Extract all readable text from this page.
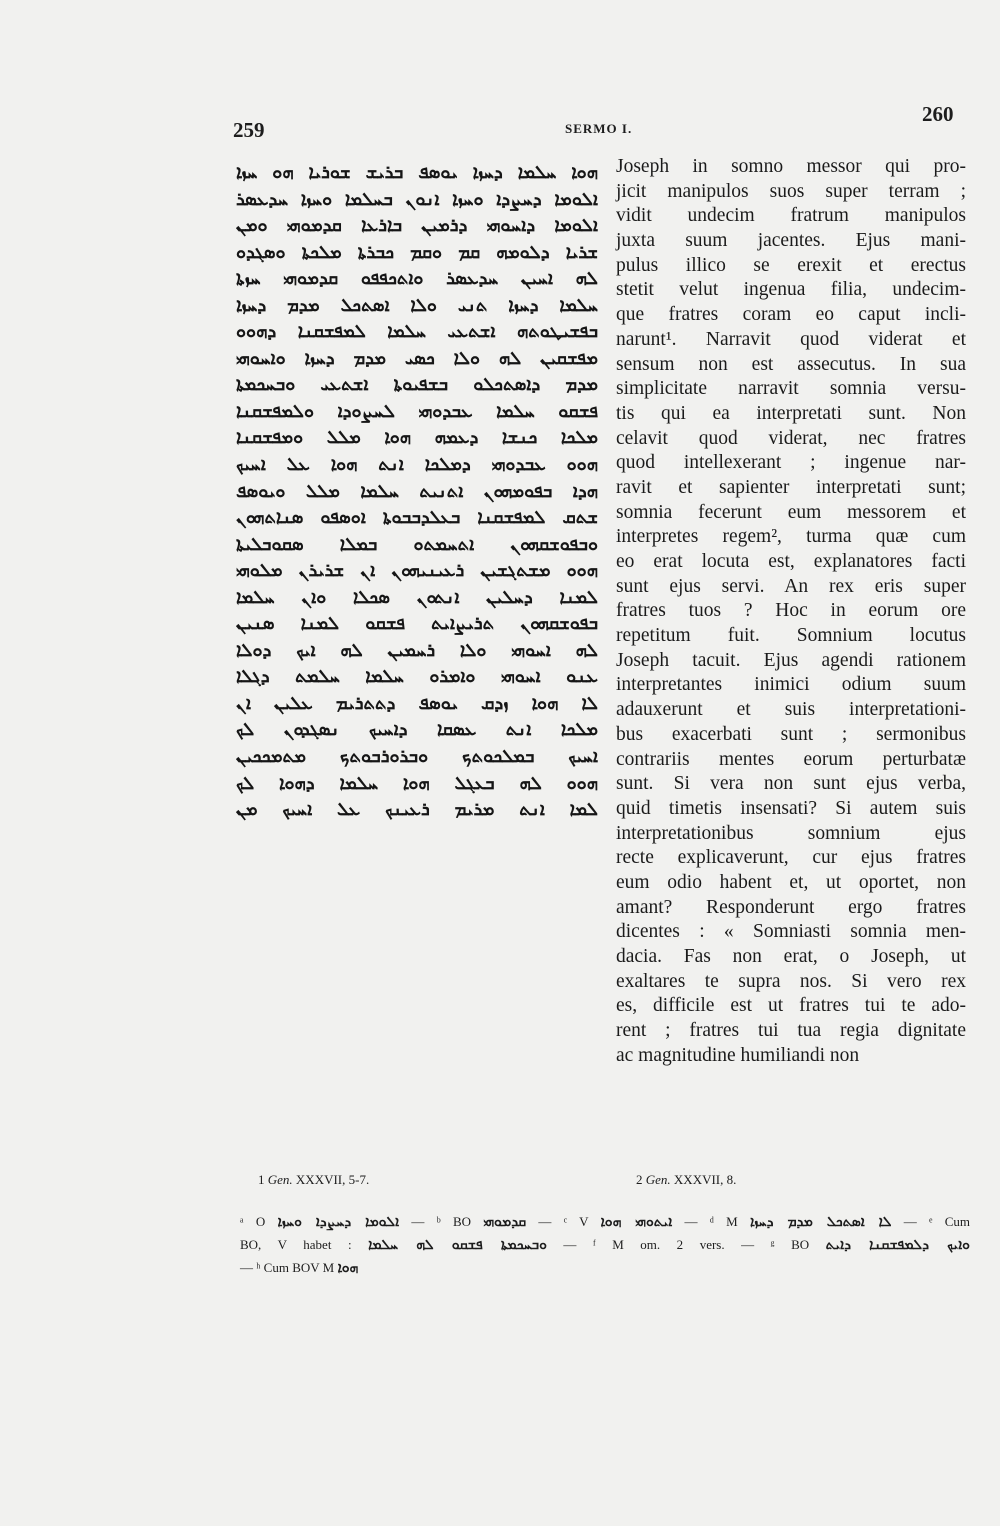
259	SERMO I.
260
ܗܘܐ ܚܠܡܐ ܕܚܙܐ ܝܘܣܦ ܒܪܝܫ ܫܘܪܝܐ ܗܘ ܚܙܐ
ܐܠܘܡܐ ܕܚܨܕܐ ܘܚܙܐ ܐܢܘܢ ܒܚܠܡܐ ܘܚܙܐ ܚܕܥܣܪ
ܐܠܘܡܐ ܕܐܚܘܗܝ ܕܪܡܝܢ ܒܐܪܥܐ ܩܕܡܘܗܝ ܘܡܢ
ܫܪܝܐ ܕܠܘܡܗ ܩܡ ܘܩܡ ܟܒܪܬܐ ܡܠܟܬܐ ܘܣܓܕܘ
ܠܗ ܐܚܝܢ ܚܕܥܣܪ ܘܐܬܟܦܦܘ ܩܕܡܘܗܝ ܚܙܬܐ
ܚܠܡܐ ܕܚܙܐ ܬܢܝ ܘܠܐ ܐܣܬܟܠ ܡܕܡ ܕܚܙܐ
ܒܦܫܝܛܘܬܗ ܐܫܬܥܝ ܚܠܡܐ ܠܡܦܫܩܢܐ ܕܗܘܘ
ܡܦܫܩܝܢ ܠܗ ܘܠܐ ܟܣܝ ܡܕܡ ܕܚܙܐ ܘܐܚܘܗܝ
ܡܕܡ ܕܐܣܬܟܠܘ ܒܫܦܝܘܬܐ ܐܫܬܥܝ ܘܒܚܟܡܬܐ
ܦܫܩܘ ܚܠܡܐ ܥܒܕܘܗܝ ܠܚܨܘܕܐ ܘܠܡܦܫܩܢܐ
ܡܠܟܐ ܟܢܫܐ ܕܥܡܗ ܗܘܐ ܡܠܠ ܘܡܦܫܩܢܐ
ܗܘܘ ܥܒܕܘܗܝ ܕܡܠܟܐ ܐܢܬ ܗܘܐ ܥܠ ܐܚܝܟ
ܗܕܐ ܒܦܘܡܗܘܢ ܐܬܢܝܬ ܚܠܡܐ ܡܠܠ ܘܝܘܣܦ
ܫܬܩ ܠܡܦܫܩܢܐ ܒܥܠܕܒܒܘܬܐ ܐܘܣܦܘ ܣܢܐܬܗܘܢ
ܘܒܦܘܫܩܗܘܢ ܐܬܚܡܬܘ ܒܡܠܐ ܣܩܘܒܠܝܬܐ
ܗܘܘ ܡܫܬܓܫܝܢ ܪܥܝܢܝܗܘܢ ܐܢ ܫܪܝܪܢ ܡܠܘܗܝ
ܠܡܢܐ ܕܚܠܝܢ ܐܢܬܘܢ ܣܟܠܐ ܘܐܢ ܚܠܡܐ
ܒܦܘܫܩܗܘܢ ܬܪܝܨܐܝܬ ܦܫܩܘ ܠܡܢܐ ܣܢܝܢ
ܠܗ ܐܚܘܗܝ ܘܠܐ ܪܚܡܝܢ ܠܗ ܐܝܟ ܕܘܠܐ
ܥܢܘ ܐܚܘܗܝ ܘܐܡܪܘ ܚܠܡܐ ܚܠܡܬ ܕܓܠܐ
ܠܐ ܗܘܐ ܙܕܩ ܝܘܣܦ ܕܬܬܪܝܡ ܥܠܝܢ ܐܢ
ܡܠܟܐ ܐܢܬ ܥܣܩܐ ܕܐܚܝܟ ܢܣܓܕܘܢ ܠܟ
ܐܚܝܟ ܒܡܠܟܘܬܟ ܘܒܪܘܪܒܘܬܟ ܡܬܡܟܟܝܢ
ܗܘܘ ܠܗ ܒܥܓܠ ܗܘܐ ܚܠܡܐ ܕܗܘܐ ܠܟ
ܠܡܐ ܐܢܬ ܡܪܝܡ ܪܥܝܢܟ ܥܠ ܐܚܝܟ ܡܢ
Joseph in somno messor qui pro-
jicit manipulos suos super terram ;
vidit undecim fratrum manipulos
juxta suum jacentes. Ejus mani-
pulus illico se erexit et erectus
stetit velut ingenua filia, undecim-
que fratres coram eo caput incli-
narunt¹. Narravit quod viderat et
sensum non est assecutus. In sua
simplicitate narravit somnia versu-
tis qui ea interpretati sunt. Non
celavit quod viderat, nec fratres
quod intellexerant ; ingenue nar-
ravit et sapienter interpretati sunt;
somnia fecerunt eum messorem et
interpretes regem², turma quæ cum
eo erat locuta est, explanatores facti
sunt ejus servi. An rex eris super
fratres tuos ? Hoc in eorum ore
repetitum fuit. Somnium locutus
Joseph tacuit. Ejus agendi rationem
interpretantes inimici odium suum
adauxerunt et suis interpretationi-
bus exacerbati sunt ; sermonibus
contrariis mentes eorum perturbatæ
sunt. Si vera non sunt ejus verba,
quid timetis insensati? Si autem suis
interpretationibus somnium ejus
recte explicaverunt, cur ejus fratres
eum odio habent et, ut oportet, non
amant? Responderunt ergo fratres
dicentes : « Somniasti somnia men-
dacia. Fas non erat, o Joseph, ut
exaltares te supra nos. Si vero rex
es, difficile est ut fratres tui te ado-
rent ; fratres tui tua regia dignitate
ac magnitudine humiliandi non
1 Gen. XXXVII, 5-7.	2 Gen. XXXVII, 8.
ᵃ O ܐܠܘܡܐ ܕܚܨܕܐ ܘܚܙܐ — ᵇ BO ܩܕܡܘܗܝ — ᶜ V ܐܝܬܘܗܝ ܗܘܐ — ᵈ M ܠܐ ܐܣܬܟܠ ܡܕܡ ܕܚܙܐ — ᵉ Cum
BO, V habet : ܘܒܚܟܡܬܐ ܦܫܩܘ ܠܗ ܚܠܡܐ — ᶠ M om. 2 vers. — ᵍ BO ܘܐܝܟ ܕܠܡܦܫܩܢܐ ܕܐܝܬ
— ʰ Cum BOV M ܗܘܐ
